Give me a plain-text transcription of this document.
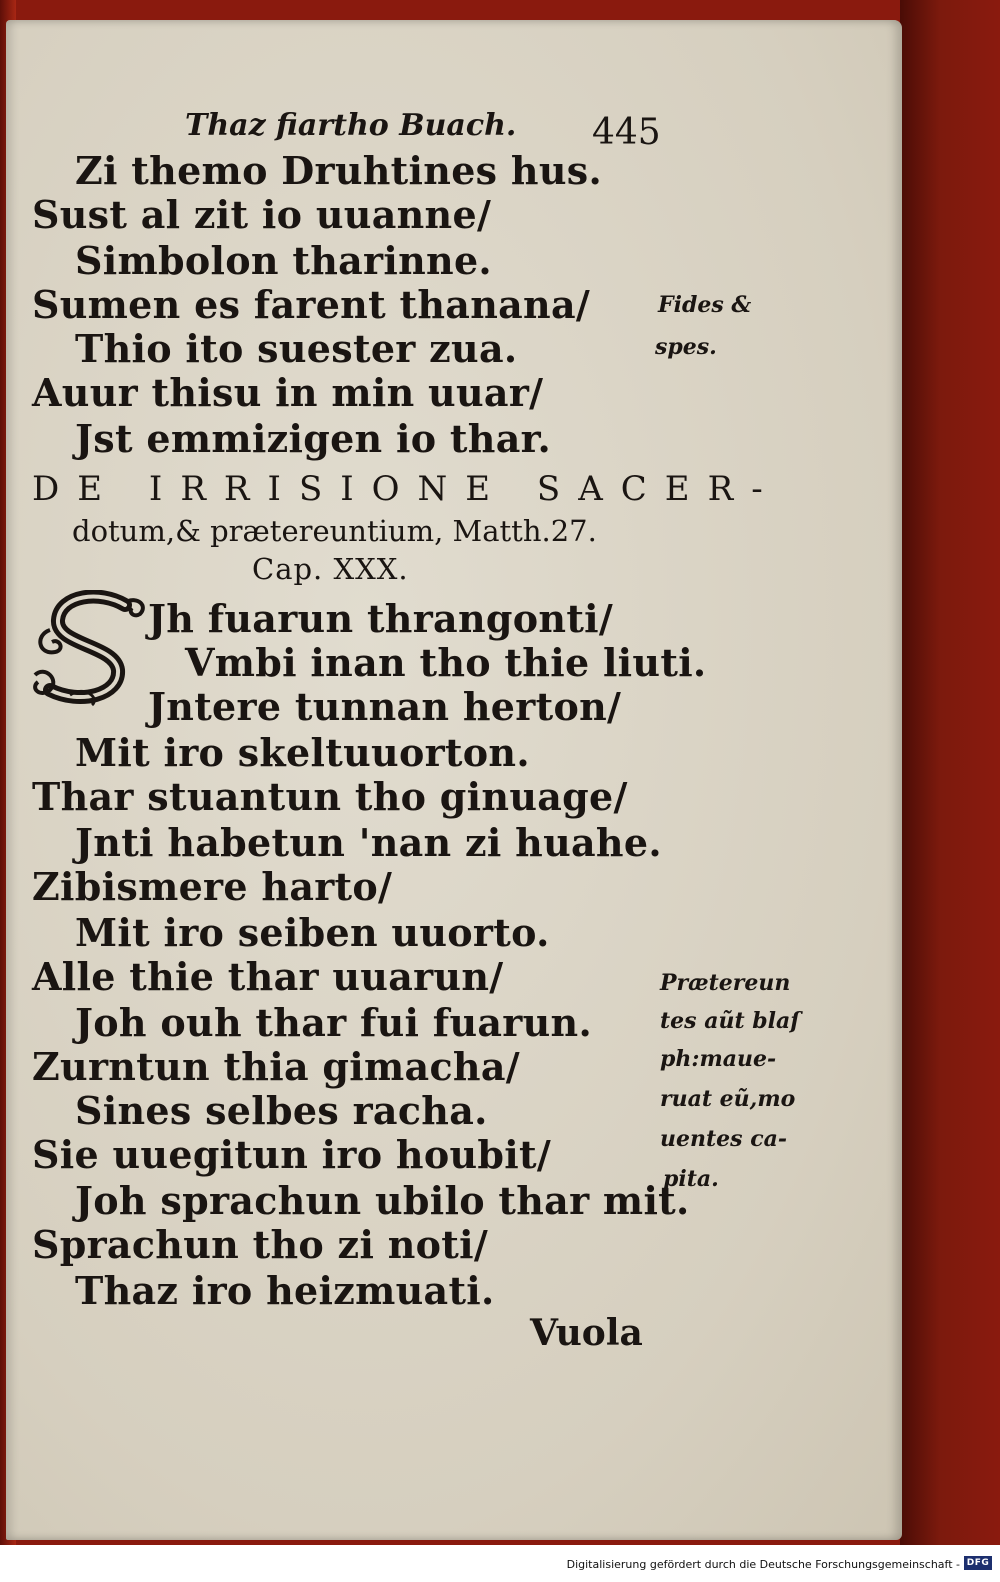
Thaz fiartho Buach. 445
Zi themo Druhtines hus.
Sust al zit io uuanne/
Simbolon tharinne.
Sumen es farent thanana/
Thio ito suester zua.
Auur thisu in min uuar/
Jst emmizigen io thar.
Fides &
spes.
DE IRRISIONE SACER-
dotum,& prætereuntium, Matth.27.
Cap. XXX.
Jh fuarun thrangonti/
Vmbi inan tho thie liuti.
Jntere tunnan herton/
Mit iro skeltuuorton.
Thar stuantun tho ginuage/
Jnti habetun 'nan zi huahe.
Zibismere harto/
Mit iro seiben uuorto.
Alle thie thar uuarun/
Joh ouh thar fui fuarun.
Zurntun thia gimacha/
Sines selbes racha.
Sie uuegitun iro houbit/
Joh sprachun ubilo thar mit.
Sprachun tho zi noti/
Thaz iro heizmuati.
Prætereun
tes aũt blaſ
ph:maue-
ruat eũ,mo
uentes ca-
pita.
Vuola
Digitalisierung gefördert durch die Deutsche Forschungsgemeinschaft - DFG
